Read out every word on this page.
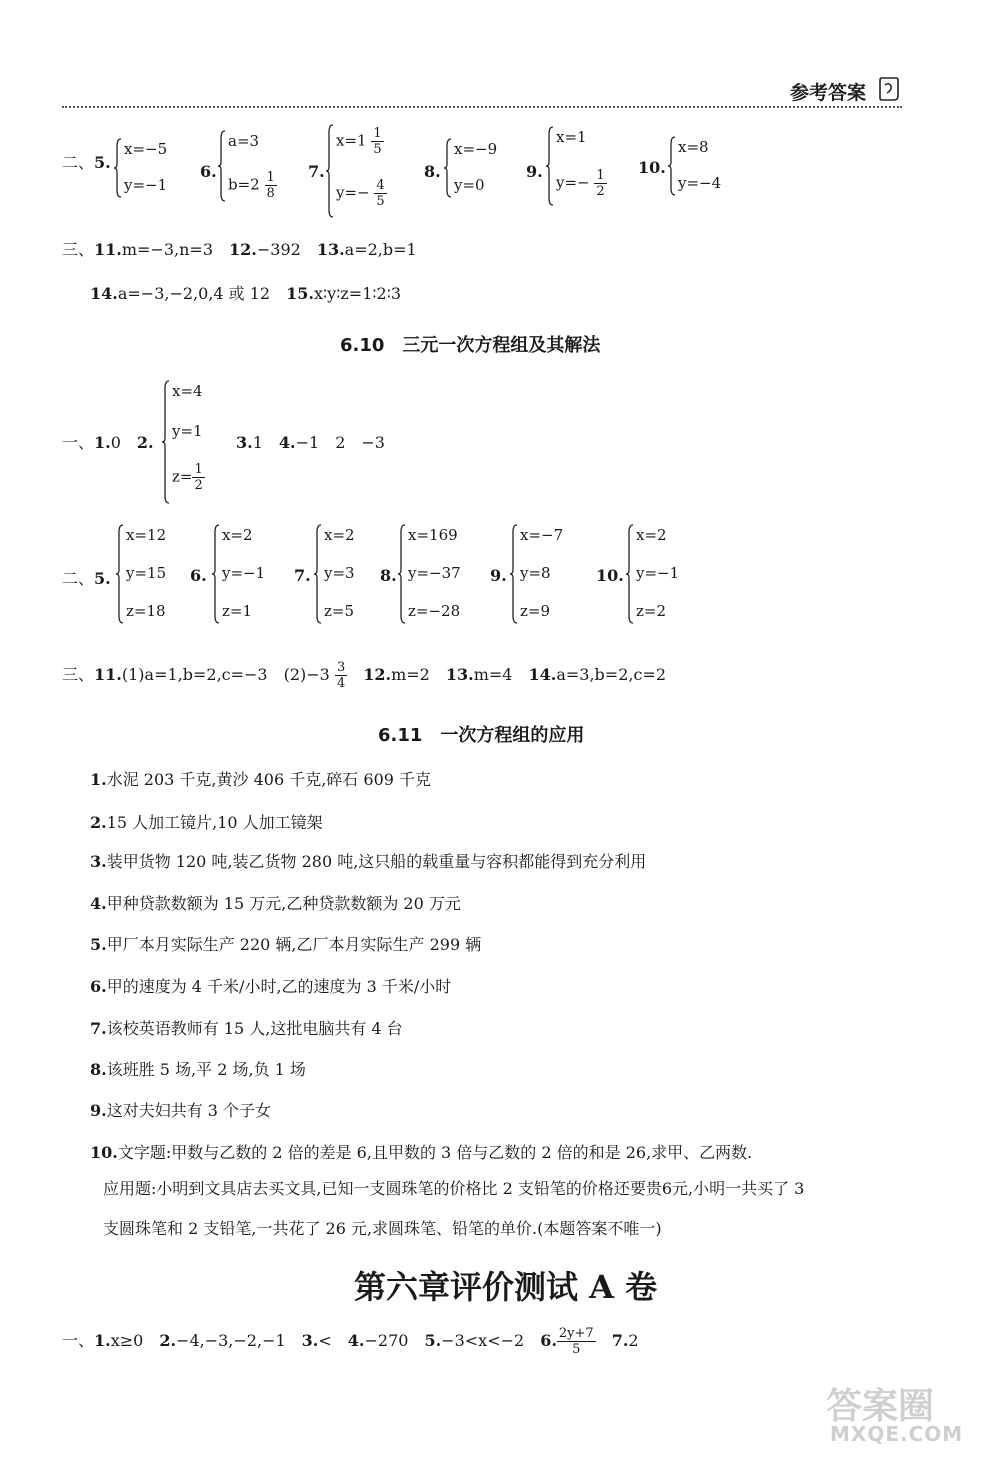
参考答案
二、5.
x=−5
y=−1
6.
a=3
$b=2 \frac{1}{8} 7$.
$x=1 \frac{1}{5}$
$y=- \frac{4}{5}$
8.
x=−9
y=0
9.
x=1
$y=- \frac{1}{2}$
10.
x=8
y=−4
三、11.m=−3,n=3　 12.−392　 13.a=2,b=1
14.a=−3,−2,0,4 或 12　 15.x∶y∶z=1∶2∶3
6.10　三元一次方程组及其解法
一、1.0　 2.
x=4
y=1
$z= \frac{1}{2}$
3.1　 4.−1　2　−3
二、5.
x=12
y=15
z=18
6.
x=2
y=−1
z=1
7.
x=2
y=3
z=5
8.
x=169
y=−37
z=−28
9.
x=−7
y=8
z=9
10.
x=2
y=−1
z=2
三、11.(1)a=1,b=2,c=−3　$(2)-3 \frac{3}{4}$
　 12.m=2　 13.m=4　 14.a=3,b=2,c=2
6.11　一次方程组的应用
1.水泥 203 千克,黄沙 406 千克,碎石 609 千克
2.15 人加工镜片,10 人加工镜架
3.装甲货物 120 吨,装乙货物 280 吨,这只船的载重量与容积都能得到充分利用
4.甲种贷款数额为 15 万元,乙种贷款数额为 20 万元
5.甲厂本月实际生产 220 辆,乙厂本月实际生产 299 辆
6.甲的速度为 4 千米/小时,乙的速度为 3 千米/小时
7.该校英语教师有 15 人,这批电脑共有 4 台
8.该班胜 5 场,平 2 场,负 1 场
9.这对夫妇共有 3 个子女
10.文字题:甲数与乙数的 2 倍的差是 6,且甲数的 3 倍与乙数的 2 倍的和是 26,求甲、乙两数.
应用题:小明到文具店去买文具,已知一支圆珠笔的价格比 2 支铅笔的价格还要贵6元,小明一共买了 3
支圆珠笔和 2 支铅笔,一共花了 26 元,求圆珠笔、铅笔的单价.(本题答案不唯一)
第六章评价测试 A 卷
一、1.x≥0　 2.−4,−3,−2,−1　 3.<　 4.−270　 5.−3<x<−2　 6. $\frac{2y+7}{5}$
　 7.2
答案圈
MXQE.COM
